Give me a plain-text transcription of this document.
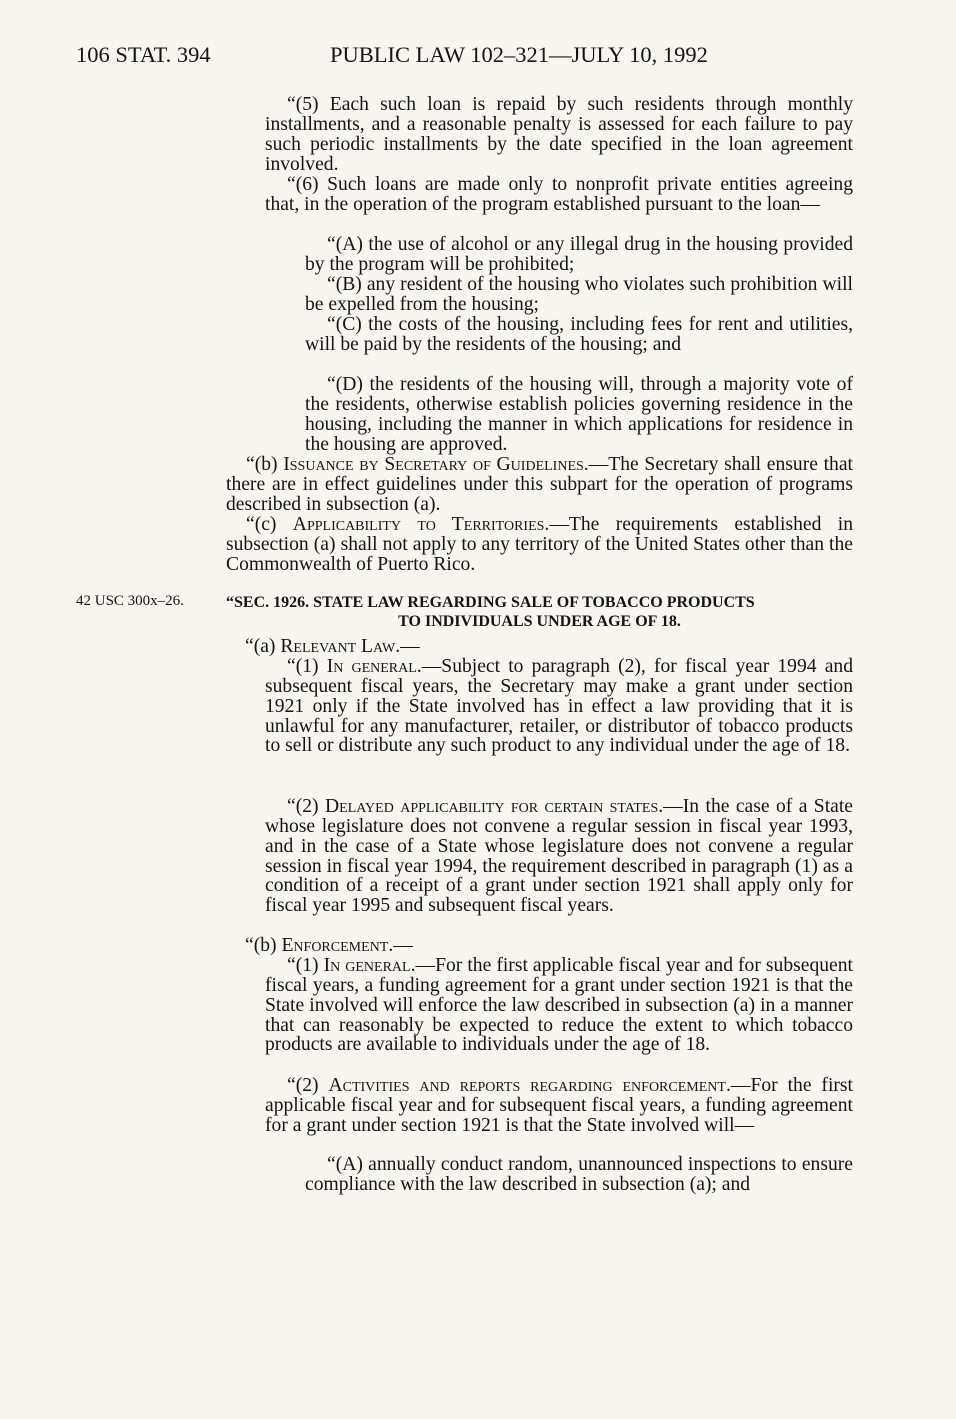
106 STAT. 394	PUBLIC LAW 102–321—JULY 10, 1992
“(5) Each such loan is repaid by such residents through monthly installments, and a reasonable penalty is assessed for each failure to pay such periodic installments by the date specified in the loan agreement involved.
“(6) Such loans are made only to nonprofit private entities agreeing that, in the operation of the program established pursuant to the loan—
“(A) the use of alcohol or any illegal drug in the housing provided by the program will be prohibited;
“(B) any resident of the housing who violates such prohibition will be expelled from the housing;
“(C) the costs of the housing, including fees for rent and utilities, will be paid by the residents of the housing; and
“(D) the residents of the housing will, through a majority vote of the residents, otherwise establish policies governing residence in the housing, including the manner in which applications for residence in the housing are approved.
“(b) Issuance by Secretary of Guidelines.—The Secretary shall ensure that there are in effect guidelines under this subpart for the operation of programs described in subsection (a).
“(c) Applicability to Territories.—The requirements established in subsection (a) shall not apply to any territory of the United States other than the Commonwealth of Puerto Rico.
42 USC 300x–26.	“SEC. 1926. STATE LAW REGARDING SALE OF TOBACCO PRODUCTS
TO INDIVIDUALS UNDER AGE OF 18.
“(a) Relevant Law.—
“(1) In general.—Subject to paragraph (2), for fiscal year 1994 and subsequent fiscal years, the Secretary may make a grant under section 1921 only if the State involved has in effect a law providing that it is unlawful for any manufacturer, retailer, or distributor of tobacco products to sell or distribute any such product to any individual under the age of 18.
“(2) Delayed applicability for certain states.—In the case of a State whose legislature does not convene a regular session in fiscal year 1993, and in the case of a State whose legislature does not convene a regular session in fiscal year 1994, the requirement described in paragraph (1) as a condition of a receipt of a grant under section 1921 shall apply only for fiscal year 1995 and subsequent fiscal years.
“(b) Enforcement.—
“(1) In general.—For the first applicable fiscal year and for subsequent fiscal years, a funding agreement for a grant under section 1921 is that the State involved will enforce the law described in subsection (a) in a manner that can reasonably be expected to reduce the extent to which tobacco products are available to individuals under the age of 18.
“(2) Activities and reports regarding enforcement.—For the first applicable fiscal year and for subsequent fiscal years, a funding agreement for a grant under section 1921 is that the State involved will—
“(A) annually conduct random, unannounced inspections to ensure compliance with the law described in subsection (a); and
